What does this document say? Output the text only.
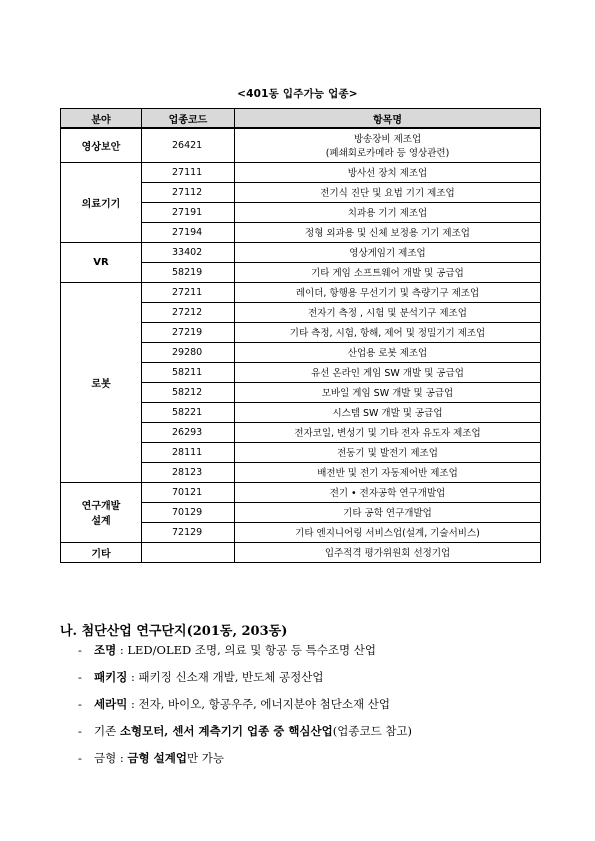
<401동 입주가능 업종>
분야	업종코드	항목명
영상보안	26421	방송장비 제조업
(폐쇄회로카메라 등 영상관련)
의료기기	27111	방사선 장치 제조업
	27112	전기식 진단 및 요법 기기 제조업
	27191	치과용 기기 제조업
	27194	정형 외과용 및 신체 보정용 기기 제조업
VR	33402	영상게임기 제조업
	58219	기타 게임 소프트웨어 개발 및 공급업
로봇	27211	레이더, 항행용 무선기기 및 측량기구 제조업
	27212	전자기 측정 , 시험 및 분석기구 제조업
	27219	기타 측정, 시험, 항해, 제어 및 정밀기기 제조업
	29280	산업용 로봇 제조업
	58211	유선 온라인 게임 SW 개발 및 공급업
	58212	모바일 게임 SW 개발 및 공급업
	58221	시스템 SW 개발 및 공급업
	26293	전자코일, 변성기 및 기타 전자 유도자 제조업
	28111	전동기 및 발전기 제조업
	28123	배전반 및 전기 자동제어반 제조업
연구개발
설계	70121	전기 • 전자공학 연구개발업
	70129	기타 공학 연구개발업
	72129	기타 엔지니어링 서비스업(설계, 기술서비스)
기타		입주적격 평가위원회 선정기업
나. 첨단산업 연구단지(201동, 203동)
- 조명 : LED/OLED 조명, 의료 및 항공 등 특수조명 산업
- 패키징 : 패키징 신소재 개발, 반도체 공정산업
- 세라믹 : 전자, 바이오, 항공우주, 에너지분야 첨단소재 산업
- 기존 소형모터, 센서 계측기기 업종 중 핵심산업(업종코드 참고)
- 금형 : 금형 설계업만 가능
